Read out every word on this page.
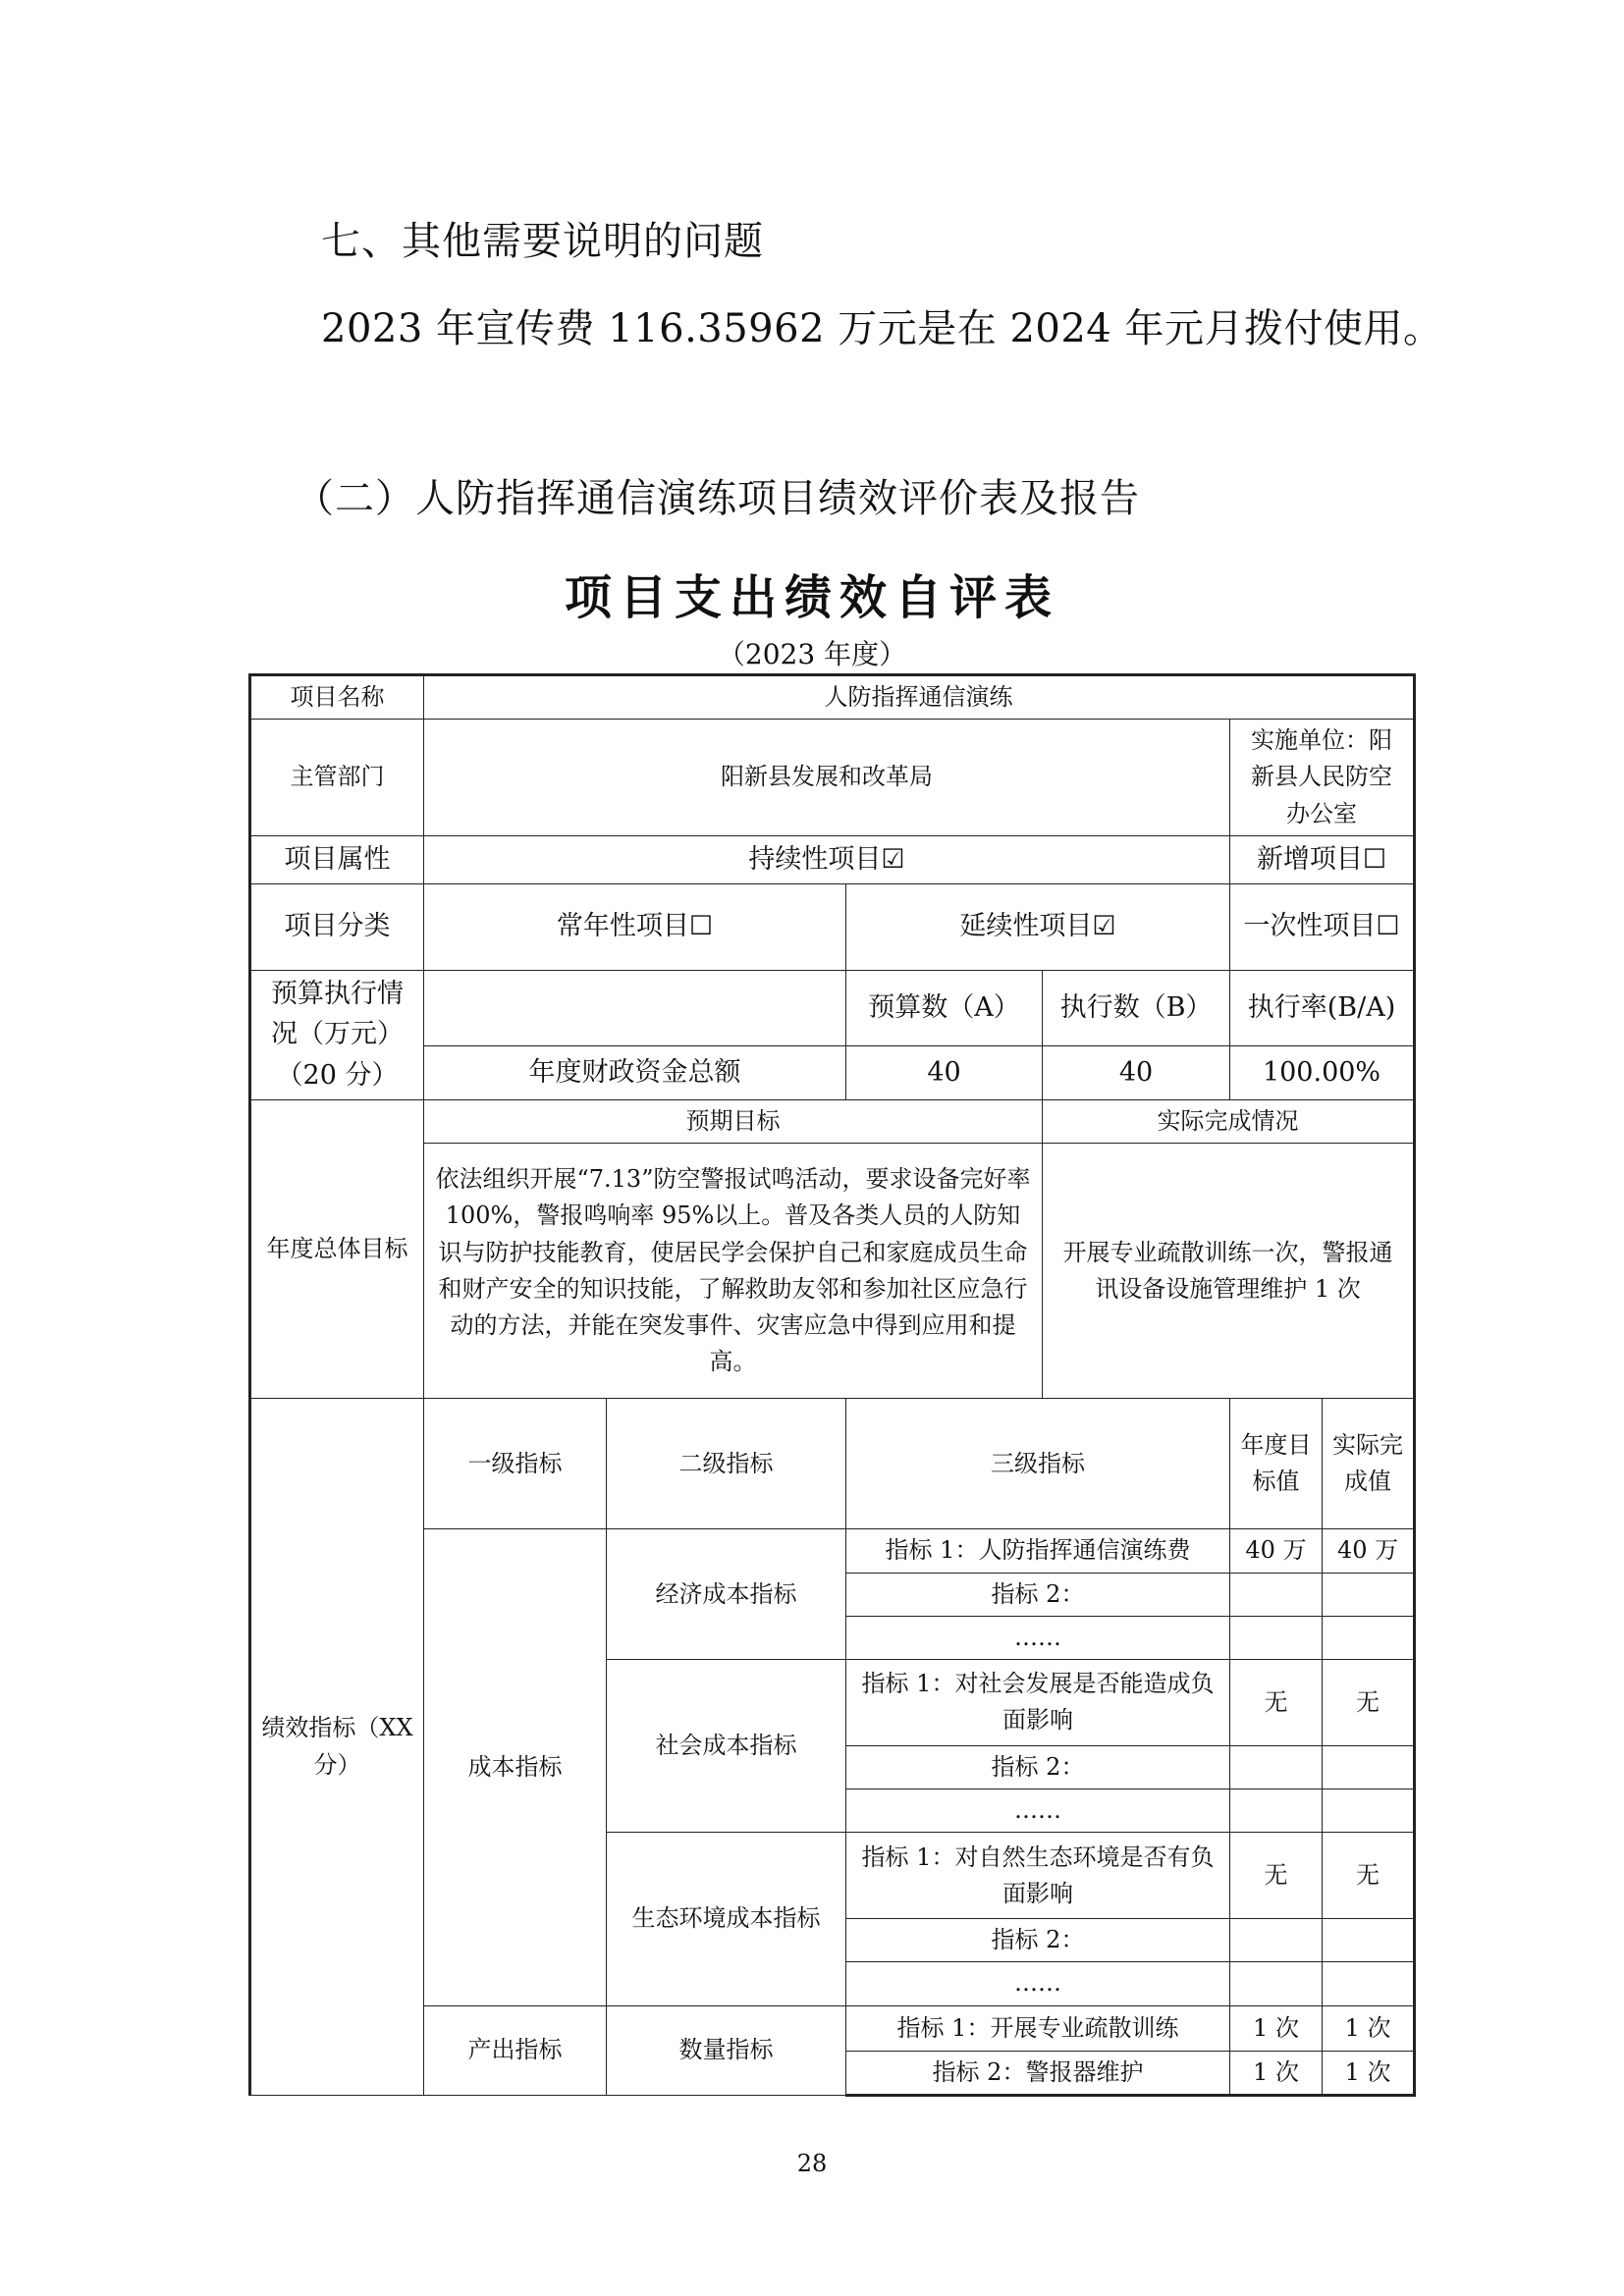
七、其他需要说明的问题
2023 年宣传费 116.35962 万元是在 2024 年元月拨付使用。
（二）人防指挥通信演练项目绩效评价表及报告
项目支出绩效自评表
（2023 年度）
项目名称	人防指挥通信演练					
主管部门	阳新县发展和改革局				实施单位：阳新县人民防空办公室	
项目属性	持续性项目☑				新增项目☐	
项目分类	常年性项目☐		延续性项目☑		一次性项目☐	
预算执行情况（万元）（20 分）			预算数（A）	执行数（B）	执行率(B/A)	
	年度财政资金总额		40	40	100.00%	
年度总体目标	预期目标			实际完成情况		
	依法组织开展“7.13”防空警报试鸣活动，要求设备完好率 100%，警报鸣响率 95%以上。普及各类人员的人防知识与防护技能教育，使居民学会保护自己和家庭成员生命和财产安全的知识技能，了解救助友邻和参加社区应急行动的方法，并能在突发事件、灾害应急中得到应用和提高。			开展专业疏散训练一次，警报通讯设备设施管理维护 1 次		
绩效指标（XX分）	一级指标	二级指标	三级指标		年度目标值	实际完成值
	成本指标	经济成本指标	指标 1：人防指挥通信演练费		40 万	40 万
			指标 2：			
			……			
		社会成本指标	指标 1：对社会发展是否能造成负面影响		无	无
			指标 2：			
			……			
		生态环境成本指标	指标 1：对自然生态环境是否有负面影响		无	无
			指标 2：			
			……			
	产出指标	数量指标	指标 1：开展专业疏散训练		1 次	1 次
			指标 2：警报器维护		1 次	1 次
28
